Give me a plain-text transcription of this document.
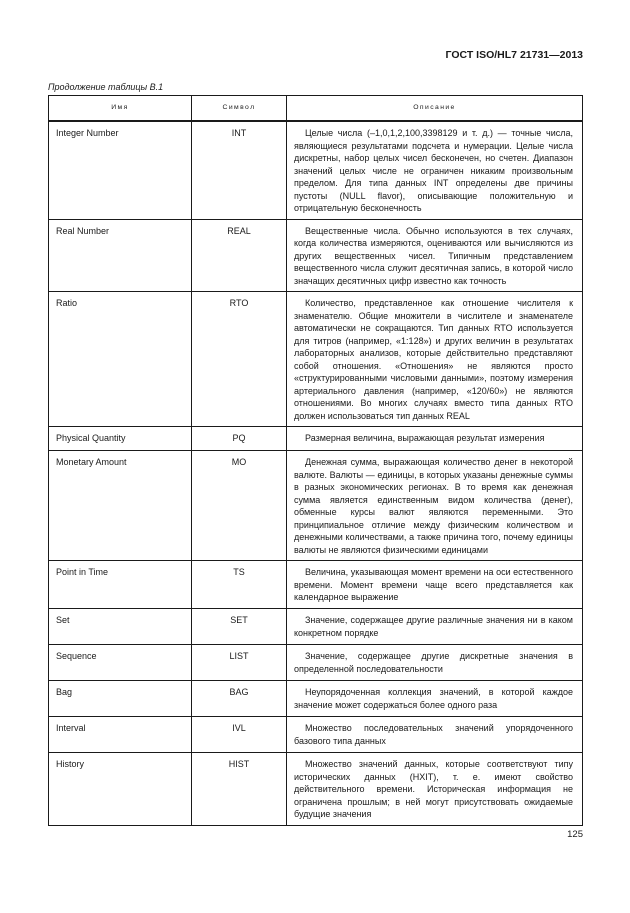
ГОСТ ISO/HL7 21731—2013
Продолжение таблицы В.1
Имя	Символ	Описание
Integer Number	INT	Целые числа (–1,0,1,2,100,3398129 и т. д.) — точные числа, являющиеся результатами подсчета и нумерации. Целые числа дискретны, набор целых чисел бесконечен, но счетен. Диапазон значений целых числе не ограничен никаким произвольным пределом. Для типа данных INT определены две причины пустоты (NULL flavor), описывающие положительную и отрицательную бесконечность
Real Number	REAL	Вещественные числа. Обычно используются в тех случаях, когда количества измеряются, оцениваются или вычисляются из других вещественных чисел. Типичным представлением вещественного числа служит десятичная запись, в которой число значащих десятичных цифр известно как точность
Ratio	RTO	Количество, представленное как отношение числителя к знаменателю. Общие множители в числителе и знаменателе автоматически не сокращаются. Тип данных RTO используется для титров (например, «1:128») и других величин в результатах лабораторных анализов, которые действительно представляют собой отношения. «Отношения» не являются просто «структурированными числовыми данными», поэтому измерения артериального давления (например, «120/60») не являются отношениями. Во многих случаях вместо типа данных RTO должен использоваться тип данных REAL
Physical Quantity	PQ	Размерная величина, выражающая результат измерения
Monetary Amount	MO	Денежная сумма, выражающая количество денег в некоторой валюте. Валюты — единицы, в которых указаны денежные суммы в разных экономических регионах. В то время как денежная сумма является единственным видом количества (денег), обменные курсы валют являются переменными. Это принципиальное отличие между физическим количеством и денежными количествами, а также причина того, почему единицы валюты не являются физическими единицами
Point in Time	TS	Величина, указывающая момент времени на оси естественного времени. Момент времени чаще всего представляется как календарное выражение
Set	SET	Значение, содержащее другие различные значения ни в каком конкретном порядке
Sequence	LIST	Значение, содержащее другие дискретные значения в определенной последовательности
Bag	BAG	Неупорядоченная коллекция значений, в которой каждое значение может содержаться более одного раза
Interval	IVL	Множество последовательных значений упорядоченного базового типа данных
History	HIST	Множество значений данных, которые соответствуют типу исторических данных (HXIT), т. е. имеют свойство действительного времени. Историческая информация не ограничена прошлым; в ней могут присутствовать ожидаемые будущие значения
125
